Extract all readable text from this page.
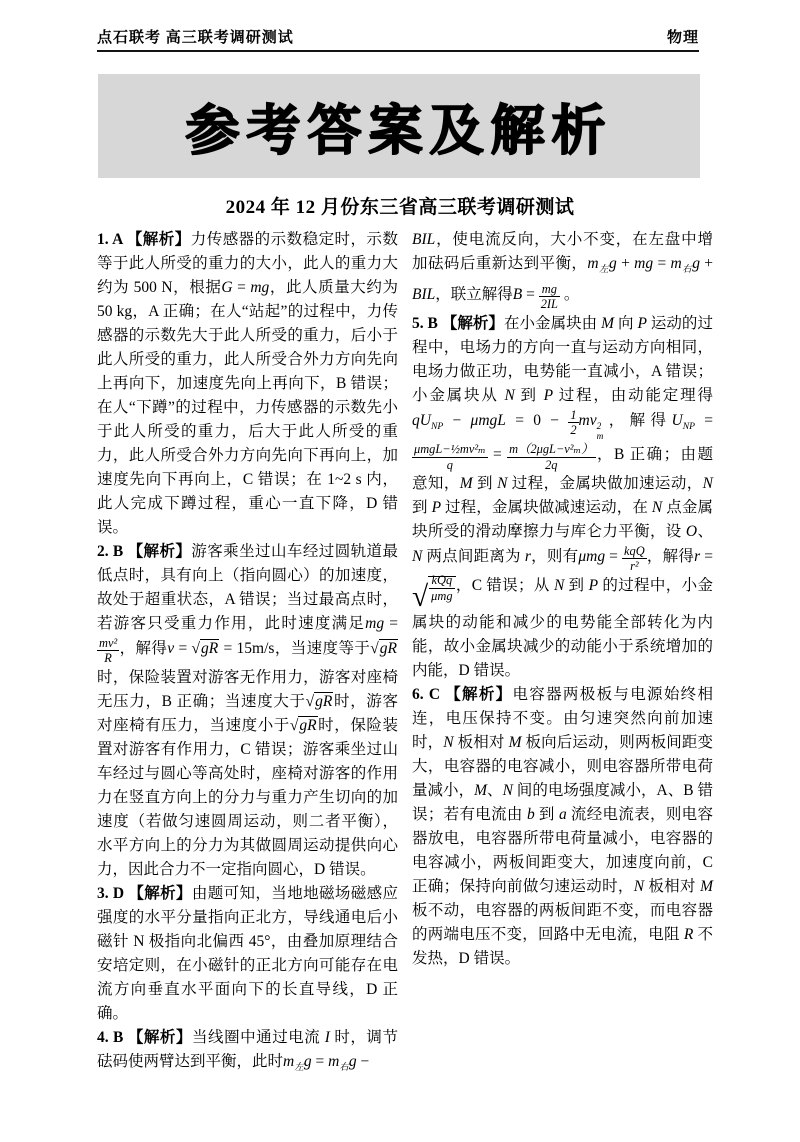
点石联考 高三联考调研测试	物理
参考答案及解析
2024 年 12 月份东三省高三联考调研测试

1. A 【解析】力传感器的示数稳定时，示数等于此人所受的重力的大小，此人的重力大约为 500 N，根据G = mg，此人质量大约为 50 kg，A 正确；在人“站起”的过程中，力传感器的示数先大于此人所受的重力，后小于此人所受的重力，此人所受合外力方向先向上再向下，加速度先向上再向下，B 错误；在人“下蹲”的过程中，力传感器的示数先小于此人所受的重力，后大于此人所受的重力，此人所受合外力方向先向下再向上，加速度先向下再向上，C 错误；在 1~2 s 内，此人完成下蹲过程，重心一直下降，D 错误。

2. B 【解析】游客乘坐过山车经过圆轨道最低点时，具有向上（指向圆心）的加速度，故处于超重状态，A 错误；当过最高点时，若游客只受重力作用，此时速度满足mg =
$\frac{\text{mv²}}{R}$ ，解得v = √gR = 15m/s，当速度等于√gR时，保险装置对游客无作用力，游客对座椅无压力，B 正确；当速度大于√gR时，游客对座椅有压力，当速度小于√gR时，保险装置对游客有作用力，C 错误；游客乘坐过山车经过与圆心等高处时，座椅对游客的作用力在竖直方向上的分力与重力产生切向的加速度（若做匀速圆周运动，则二者平衡），水平方向上的分力为其做圆周运动提供向心力，因此合力不一定指向圆心，D 错误。

3. D 【解析】由题可知，当地地磁场磁感应强度的水平分量指向正北方，导线通电后小磁针 N 极指向北偏西 45°，由叠加原理结合安培定则，在小磁针的正北方向可能存在电流方向垂直水平面向下的长直导线，D 正确。

4. B 【解析】当线圈中通过电流 I 时，调节砝码使两臂达到平衡，此时$m_左g = m_右g$ −

BIL，使电流反向，大小不变，在左盘中增加砝码后重新达到平衡，$m_左g$ + mg = $m_右g$ + BIL，联立解得$B = \frac{mg}{2IL}$ 。

5. B 【解析】在小金属块由 M 向 P 运动的过程中，电场力的方向一直与运动方向相同，电场力做正功，电势能一直减小，A 错误；小金属块从 N 到 P 过程，由动能定理得 $qU_{NP} - \mu mgL = 0 - \frac{1}{2}$ mv 2
m
，解得$U_{NP}$ =
$\frac{\text{μmgL−½mv²ₘ}}{q} = \frac{\text{m（2μgL−v²ₘ）}}{2q}$ ，B 正确；由题意知，M 到 N 过程，金属块做加速运动，N 到 P 过程，金属块做减速运动，在 N 点金属块所受的滑动摩擦力与库仑力平衡，设 O、N 两点间距离为 r，则有$\mu mg = \frac{\text{kqQ}}{\text{r²}}$ ，解得r = √ $\frac{\text{kQq}}{\text{μmg}}$ ，C 错误；从 N 到 P 的过程中，小金属块的动能和减少的电势能全部转化为内能，故小金属块减少的动能小于系统增加的内能，D 错误。

6. C 【解析】电容器两极板与电源始终相连，电压保持不变。由匀速突然向前加速时，N 板相对 M 板向后运动，则两板间距变大，电容器的电容减小，则电容器所带电荷量减小，M、N 间的电场强度减小，A、B 错误；若有电流由 b 到 a 流经电流表，则电容器放电，电容器所带电荷量减小，电容器的电容减小，两板间距变大，加速度向前，C 正确；保持向前做匀速运动时，N 板相对 M 板不动，电容器的两板间距不变，而电容器的两端电压不变，回路中无电流，电阻 R 不发热，D 错误。
